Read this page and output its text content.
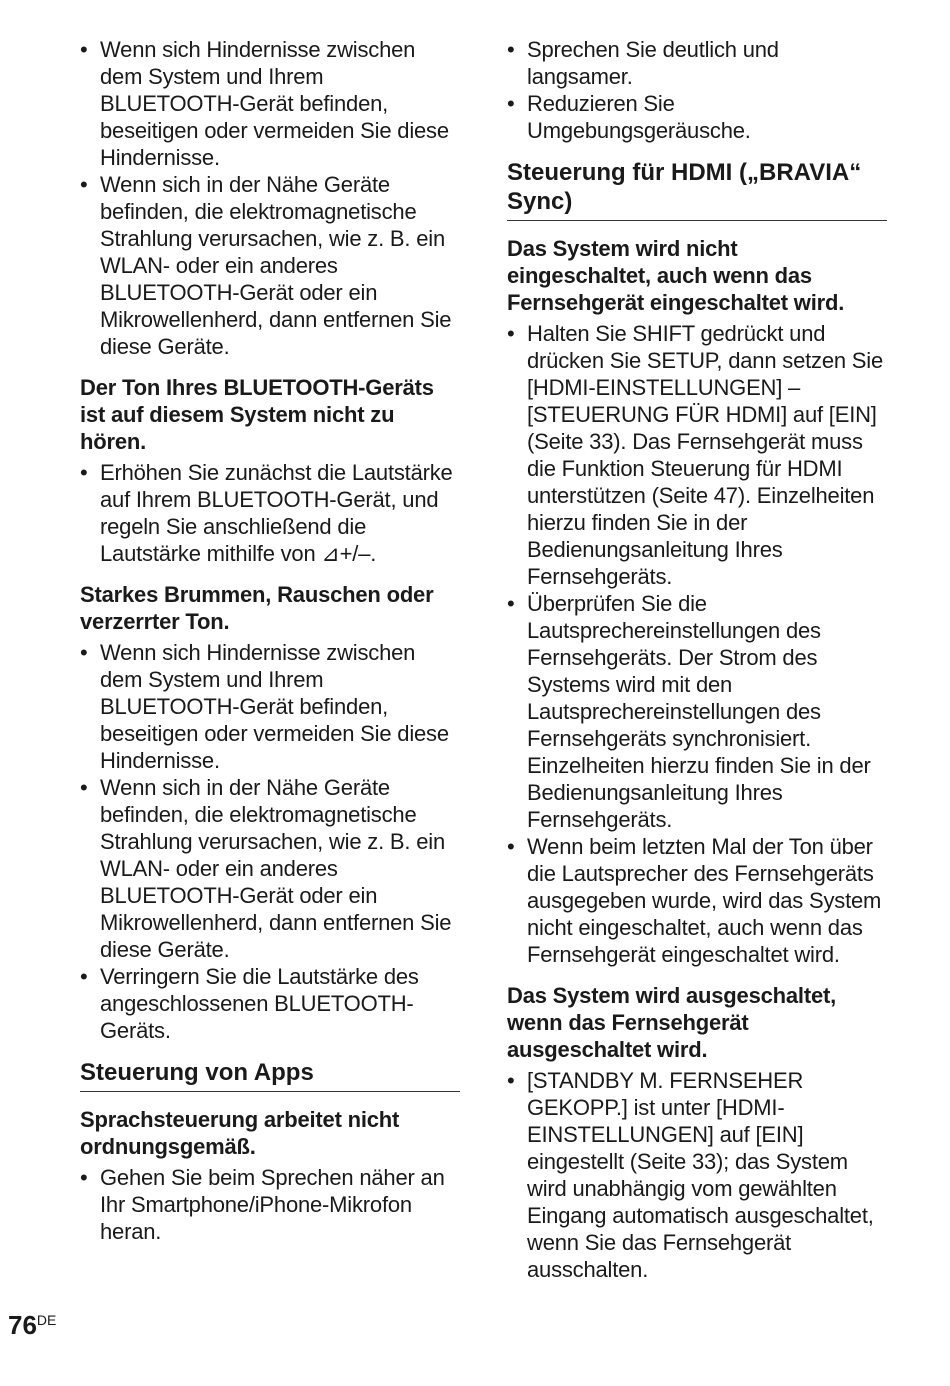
• Wenn sich Hindernisse zwischen dem System und Ihrem BLUETOOTH-Gerät befinden, beseitigen oder vermeiden Sie diese Hindernisse.
• Wenn sich in der Nähe Geräte befinden, die elektromagnetische Strahlung verursachen, wie z. B. ein WLAN- oder ein anderes BLUETOOTH-Gerät oder ein Mikrowellenherd, dann entfernen Sie diese Geräte.
Der Ton Ihres BLUETOOTH-Geräts ist auf diesem System nicht zu hören.
• Erhöhen Sie zunächst die Lautstärke auf Ihrem BLUETOOTH-Gerät, und regeln Sie anschließend die Lautstärke mithilfe von ⊿+/–.
Starkes Brummen, Rauschen oder verzerrter Ton.
• Wenn sich Hindernisse zwischen dem System und Ihrem BLUETOOTH-Gerät befinden, beseitigen oder vermeiden Sie diese Hindernisse.
• Wenn sich in der Nähe Geräte befinden, die elektromagnetische Strahlung verursachen, wie z. B. ein WLAN- oder ein anderes BLUETOOTH-Gerät oder ein Mikrowellenherd, dann entfernen Sie diese Geräte.
• Verringern Sie die Lautstärke des angeschlossenen BLUETOOTH-Geräts.
Steuerung von Apps
Sprachsteuerung arbeitet nicht ordnungsgemäß.
• Gehen Sie beim Sprechen näher an Ihr Smartphone/iPhone-Mikrofon heran.
• Sprechen Sie deutlich und langsamer.
• Reduzieren Sie Umgebungsgeräusche.
Steuerung für HDMI („BRAVIA“ Sync)
Das System wird nicht eingeschaltet, auch wenn das Fernsehgerät eingeschaltet wird.
• Halten Sie SHIFT gedrückt und drücken Sie SETUP, dann setzen Sie [HDMI-EINSTELLUNGEN] – [STEUERUNG FÜR HDMI] auf [EIN] (Seite 33). Das Fernsehgerät muss die Funktion Steuerung für HDMI unterstützen (Seite 47). Einzelheiten hierzu finden Sie in der Bedienungsanleitung Ihres Fernsehgeräts.
• Überprüfen Sie die Lautsprechereinstellungen des Fernsehgeräts. Der Strom des Systems wird mit den Lautsprechereinstellungen des Fernsehgeräts synchronisiert. Einzelheiten hierzu finden Sie in der Bedienungsanleitung Ihres Fernsehgeräts.
• Wenn beim letzten Mal der Ton über die Lautsprecher des Fernsehgeräts ausgegeben wurde, wird das System nicht eingeschaltet, auch wenn das Fernsehgerät eingeschaltet wird.
Das System wird ausgeschaltet, wenn das Fernsehgerät ausgeschaltet wird.
• [STANDBY M. FERNSEHER GEKOPP.] ist unter [HDMI-EINSTELLUNGEN] auf [EIN] eingestellt (Seite 33); das System wird unabhängig vom gewählten Eingang automatisch ausgeschaltet, wenn Sie das Fernsehgerät ausschalten.
76DE
